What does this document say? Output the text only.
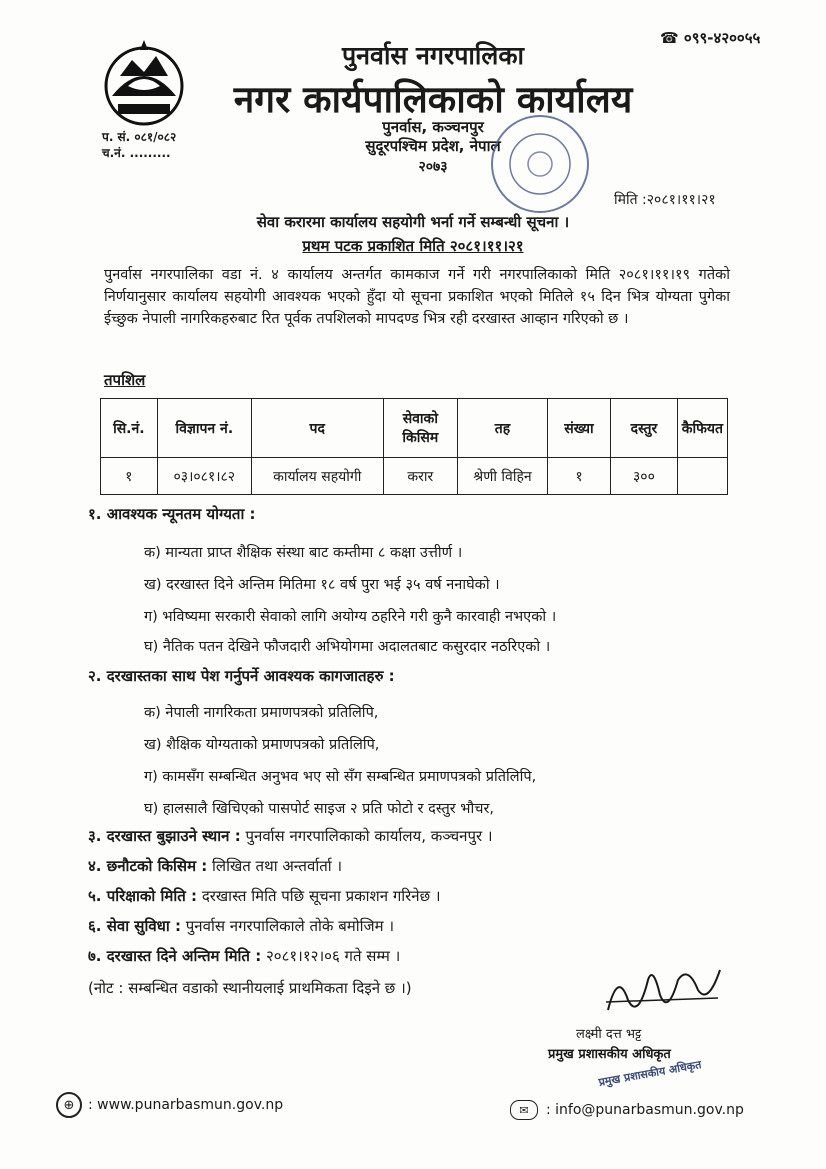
☎ ०९९-४२००५५
पुनर्वास नगरपालिका
नगर कार्यपालिकाको कार्यालय
पुनर्वास, कञ्चनपुर
सुदूरपश्चिम प्रदेश, नेपाल
२०७३
प. सं. ०८१/०८२
च.नं. .........
मिति :२०८१।११।२१
सेवा करारमा कार्यालय सहयोगी भर्ना गर्ने सम्बन्धी सूचना ।
प्रथम पटक प्रकाशित मिति २०८१।११।२१
पुनर्वास नगरपालिका वडा नं. ४ कार्यालय अन्तर्गत कामकाज गर्ने गरी नगरपालिकाको मिति २०८१।११।१९ गतेको निर्णयानुसार कार्यालय सहयोगी आवश्यक भएको हुँदा यो सूचना प्रकाशित भएको मितिले १५ दिन भित्र योग्यता पुगेका ईच्छुक नेपाली नागरिकहरुबाट रित पूर्वक तपशिलको मापदण्ड भित्र रही दरखास्त आव्हान गरिएको छ ।
तपशिल
सि.नं.	विज्ञापन नं.	पद	सेवाको किसिम	तह	संख्या	दस्तुर	कैफियत
१	०३।०८१।८२	कार्यालय सहयोगी	करार	श्रेणी विहिन	१	३००	
१. आवश्यक न्यूनतम योग्यता :
क) मान्यता प्राप्त शैक्षिक संस्था बाट कम्तीमा ८ कक्षा उत्तीर्ण ।
ख) दरखास्त दिने अन्तिम मितिमा १८ वर्ष पुरा भई ३५ वर्ष ननाघेको ।
ग) भविष्यमा सरकारी सेवाको लागि अयोग्य ठहरिने गरी कुनै कारवाही नभएको ।
घ) नैतिक पतन देखिने फौजदारी अभियोगमा अदालतबाट कसुरदार नठरिएको ।
२. दरखास्तका साथ पेश गर्नुपर्ने आवश्यक कागजातहरु :
क) नेपाली नागरिकता प्रमाणपत्रको प्रतिलिपि,
ख) शैक्षिक योग्यताको प्रमाणपत्रको प्रतिलिपि,
ग) कामसँग सम्बन्धित अनुभव भए सो सँग सम्बन्धित प्रमाणपत्रको प्रतिलिपि,
घ) हालसालै खिचिएको पासपोर्ट साइज २ प्रति फोटो र दस्तुर भौचर,
३. दरखास्त बुझाउने स्थान : पुनर्वास नगरपालिकाको कार्यालय, कञ्चनपुर ।
४. छनौटको किसिम : लिखित तथा अन्तर्वार्ता ।
५. परिक्षाको मिति : दरखास्त मिति पछि सूचना प्रकाशन गरिनेछ ।
६. सेवा सुविधा : पुनर्वास नगरपालिकाले तोके बमोजिम ।
७. दरखास्त दिने अन्तिम मिति : २०८१।१२।०६ गते सम्म ।
(नोट : सम्बन्धित वडाको स्थानीयलाई प्राथमिकता दिइने छ ।)
लक्ष्मी दत्त भट्ट
प्रमुख प्रशासकीय अधिकृत
प्रमुख प्रशासकीय अधिकृत
⊕ : www.punarbasmun.gov.np	✉	: info@punarbasmun.gov.np
